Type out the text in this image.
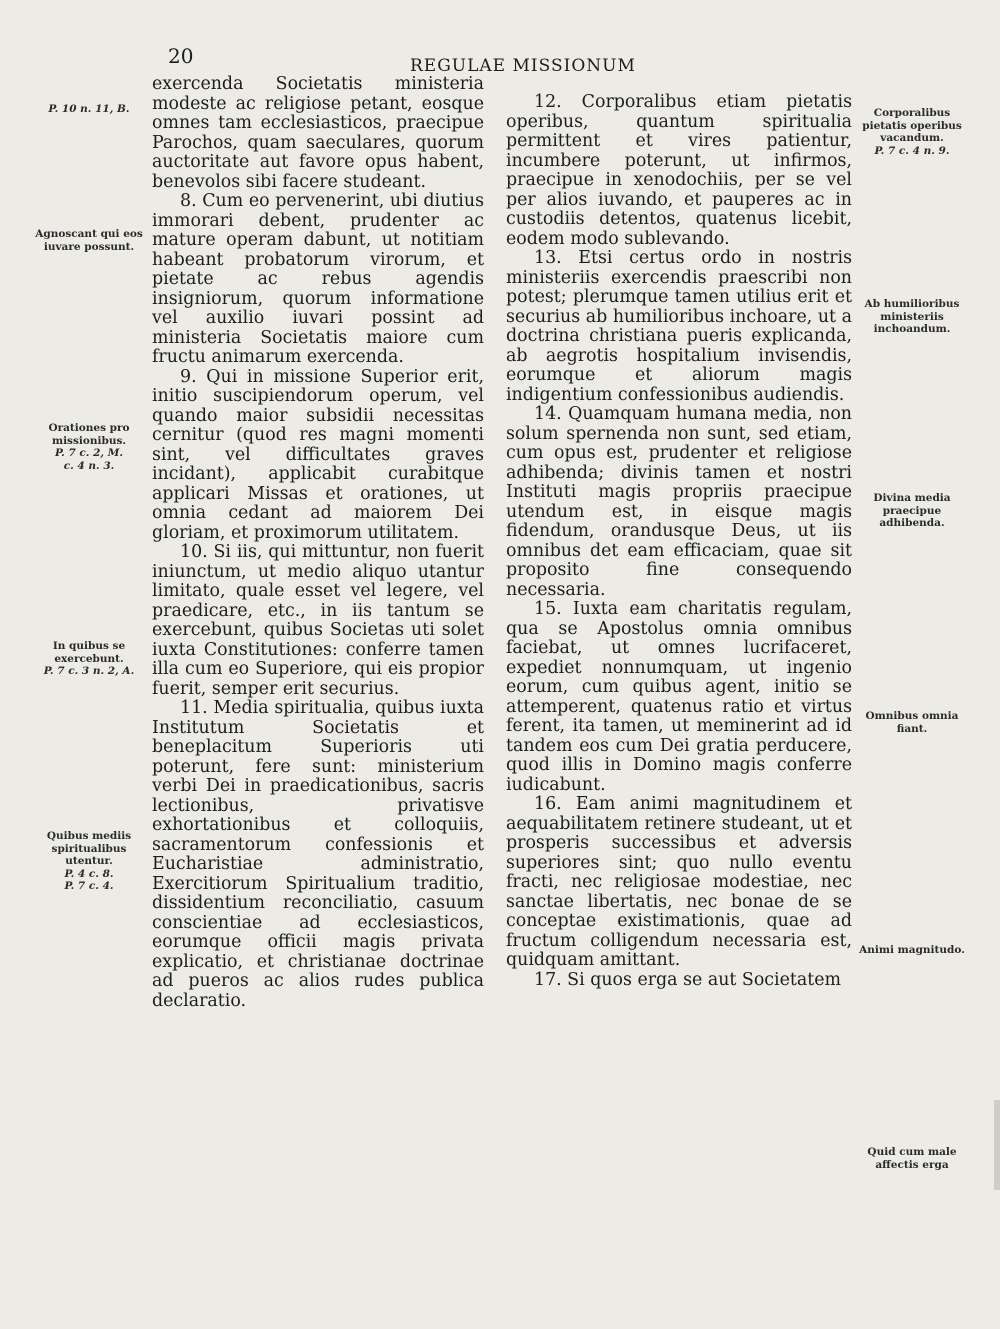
20	REGULAE MISSIONUM

exercenda Societatis ministeria modeste ac religiose petant, eosque omnes tam ecclesiasticos, praecipue Parochos, quam saeculares, quorum auctoritate aut favore opus habent, benevolos sibi facere studeant.

8. Cum eo pervenerint, ubi diutius immorari debent, prudenter ac mature operam dabunt, ut notitiam habeant probatorum virorum, et pietate ac rebus agendis insigniorum, quorum informatione vel auxilio iuvari possint ad ministeria Societatis maiore cum fructu animarum exercenda.

9. Qui in missione Superior erit, initio suscipiendorum operum, vel quando maior subsidii necessitas cernitur (quod res magni momenti sint, vel difficultates graves incidant), applicabit curabitque applicari Missas et orationes, ut omnia cedant ad maiorem Dei gloriam, et proximorum utilitatem.

10. Si iis, qui mittuntur, non fuerit iniunctum, ut medio aliquo utantur limitato, quale esset vel legere, vel praedicare, etc., in iis tantum se exercebunt, quibus Societas uti solet iuxta Constitutiones: conferre tamen illa cum eo Superiore, qui eis propior fuerit, semper erit securius.

11. Media spiritualia, quibus iuxta Institutum Societatis et beneplacitum Superioris uti poterunt, fere sunt: ministerium verbi Dei in praedicationibus, sacris lectionibus, privatisve exhortationibus et colloquiis, sacramentorum confessionis et Eucharistiae administratio, Exercitiorum Spiritualium traditio, dissidentium reconciliatio, casuum conscientiae ad ecclesiasticos, eorumque officii magis privata explicatio, et christianae doctrinae ad pueros ac alios rudes publica declaratio.

12. Corporalibus etiam pietatis operibus, quantum spiritualia permittent et vires patientur, incumbere poterunt, ut infirmos, praecipue in xenodochiis, per se vel per alios iuvando, et pauperes ac in custodiis detentos, quatenus licebit, eodem modo sublevando.

13. Etsi certus ordo in nostris ministeriis exercendis praescribi non potest; plerumque tamen utilius erit et securius ab humilioribus inchoare, ut a doctrina christiana pueris explicanda, ab aegrotis hospitalium invisendis, eorumque et aliorum magis indigentium confessionibus audiendis.

14. Quamquam humana media, non solum spernenda non sunt, sed etiam, cum opus est, prudenter et religiose adhibenda; divinis tamen et nostri Instituti magis propriis praecipue utendum est, in eisque magis fidendum, orandusque Deus, ut iis omnibus det eam efficaciam, quae sit proposito fine consequendo necessaria.

15. Iuxta eam charitatis regulam, qua se Apostolus omnia omnibus faciebat, ut omnes lucrifaceret, expediet nonnumquam, ut ingenio eorum, cum quibus agent, initio se attemperent, quatenus ratio et virtus ferent, ita tamen, ut meminerint ad id tandem eos cum Dei gratia perducere, quod illis in Domino magis conferre iudicabunt.

16. Eam animi magnitudinem et aequabilitatem retinere studeant, ut et prosperis successibus et adversis superiores sint; quo nullo eventu fracti, nec religiosae modestiae, nec sanctae libertatis, nec bonae de se conceptae existimationis, quae ad fructum colligendum necessaria est, quidquam amittant.

17. Si quos erga se aut Societatem

P. 10 n. 11, B.
Agnoscant qui eos iuvare possunt.
Orationes pro missionibus.
P. 7 c. 2, M.
c. 4 n. 3.
In quibus se exercebunt.
P. 7 c. 3 n. 2, A.
Quibus mediis spiritualibus utentur.
P. 4 c. 8.
P. 7 c. 4.
Corporalibus pietatis operibus vacandum.
P. 7 c. 4 n. 9.
Ab humilioribus ministeriis inchoandum.
Divina media praecipue adhibenda.
Omnibus omnia fiant.
Animi magnitudo.
Quid cum male affectis erga
